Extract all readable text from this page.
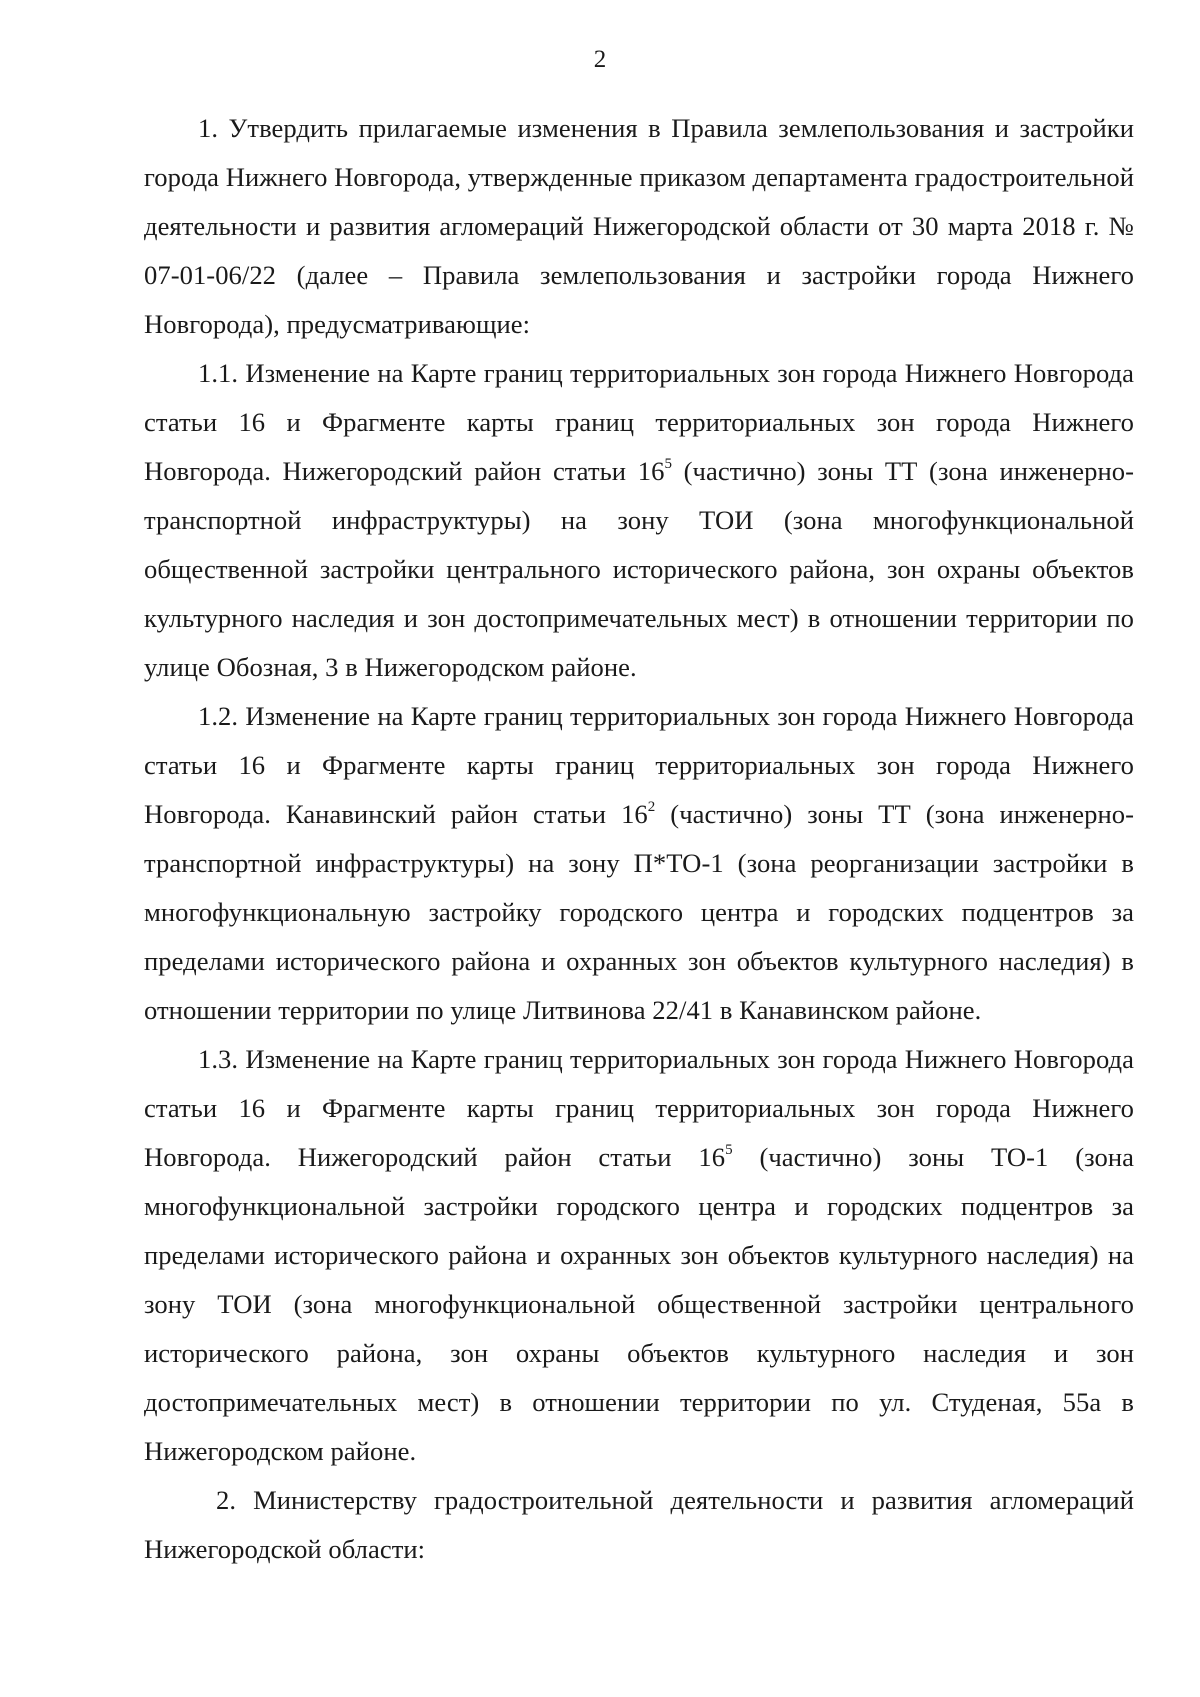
2

1. Утвердить прилагаемые изменения в Правила землепользования и застройки города Нижнего Новгорода, утвержденные приказом департамента градостроительной деятельности и развития агломераций Нижегородской области от 30 марта 2018 г. № 07-01-06/22 (далее – Правила землепользования и застройки города Нижнего Новгорода), предусматривающие:

1.1. Изменение на Карте границ территориальных зон города Нижнего Новгорода статьи 16 и Фрагменте карты границ территориальных зон города Нижнего Новгорода. Нижегородский район статьи $16^5$ (частично) зоны ТТ (зона инженерно-транспортной инфраструктуры) на зону ТОИ (зона многофункциональной общественной застройки центрального исторического района, зон охраны объектов культурного наследия и зон достопримечательных мест) в отношении территории по улице Обозная, 3 в Нижегородском районе.

1.2. Изменение на Карте границ территориальных зон города Нижнего Новгорода статьи 16 и Фрагменте карты границ территориальных зон города Нижнего Новгорода. Канавинский район статьи $16^2$ (частично) зоны ТТ (зона инженерно-транспортной инфраструктуры) на зону П*ТО-1 (зона реорганизации застройки в многофункциональную застройку городского центра и городских подцентров за пределами исторического района и охранных зон объектов культурного наследия) в отношении территории по улице Литвинова 22/41 в Канавинском районе.

1.3. Изменение на Карте границ территориальных зон города Нижнего Новгорода статьи 16 и Фрагменте карты границ территориальных зон города Нижнего Новгорода. Нижегородский район статьи $16^5$ (частично) зоны ТО-1 (зона многофункциональной застройки городского центра и городских подцентров за пределами исторического района и охранных зон объектов культурного наследия) на зону ТОИ (зона многофункциональной общественной застройки центрального исторического района, зон охраны объектов культурного наследия и зон достопримечательных мест) в отношении территории по ул. Студеная, 55а в Нижегородском районе.

2. Министерству градостроительной деятельности и развития агломераций Нижегородской области:
